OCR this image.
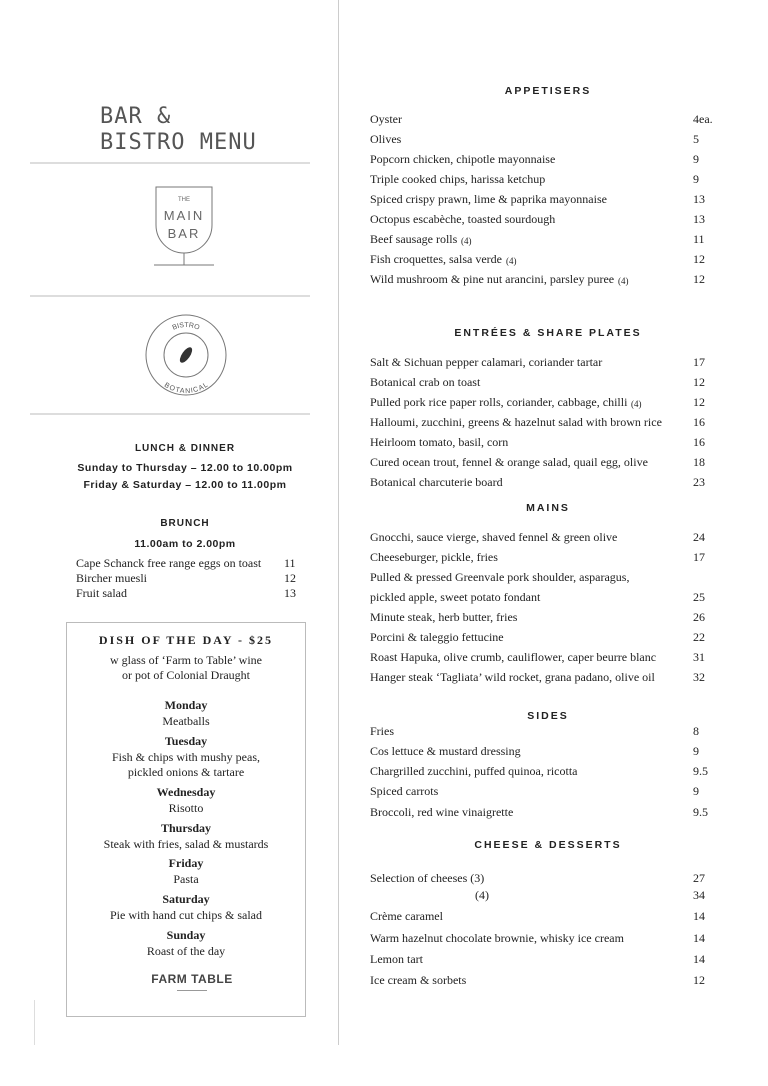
BAR &
BISTRO MENU
THE
MAIN
BAR
BISTRO
BOTANICAL
LUNCH & DINNER
Sunday to Thursday – 12.00 to 10.00pm
Friday & Saturday – 12.00 to 11.00pm
BRUNCH
11.00am to 2.00pm
Cape Schanck free range eggs on toast 11
Bircher muesli	12
Fruit salad	13
DISH OF THE DAY - $25
w glass of ‘Farm to Table’ wine
or pot of Colonial Draught
Monday
Meatballs
Tuesday
Fish & chips with mushy peas,
pickled onions & tartare
Wednesday
Risotto
Thursday
Steak with fries, salad & mustards
Friday
Pasta
Saturday
Pie with hand cut chips & salad
Sunday
Roast of the day
FARM TABLE
APPETISERS
Oyster	4ea.
Olives	5
Popcorn chicken, chipotle mayonnaise	9
Triple cooked chips, harissa ketchup	9
Spiced crispy prawn, lime & paprika mayonnaise	13
Octopus escabèche, toasted sourdough	13
Beef sausage rolls (4)	11
Fish croquettes, salsa verde (4)	12
Wild mushroom & pine nut arancini, parsley puree (4)	12
ENTRÉES & SHARE PLATES
Salt & Sichuan pepper calamari, coriander tartar	17
Botanical crab on toast	12
Pulled pork rice paper rolls, coriander, cabbage, chilli (4)	12
Halloumi, zucchini, greens & hazelnut salad with brown rice	16
Heirloom tomato, basil, corn	16
Cured ocean trout, fennel & orange salad, quail egg, olive	18
Botanical charcuterie board	23
MAINS
Gnocchi, sauce vierge, shaved fennel & green olive	24
Cheeseburger, pickle, fries	17
Pulled & pressed Greenvale pork shoulder, asparagus,
pickled apple, sweet potato fondant	25
Minute steak, herb butter, fries	26
Porcini & taleggio fettucine	22
Roast Hapuka, olive crumb, cauliflower, caper beurre blanc	31
Hanger steak ‘Tagliata’ wild rocket, grana padano, olive oil	32
SIDES
Fries	8
Cos lettuce & mustard dressing	9
Chargrilled zucchini, puffed quinoa, ricotta	9.5
Spiced carrots	9
Broccoli, red wine vinaigrette	9.5
CHEESE & DESSERTS
Selection of cheeses (3)	27
(4)	34
Crème caramel	14
Warm hazelnut chocolate brownie, whisky ice cream	14
Lemon tart	14
Ice cream & sorbets	12
